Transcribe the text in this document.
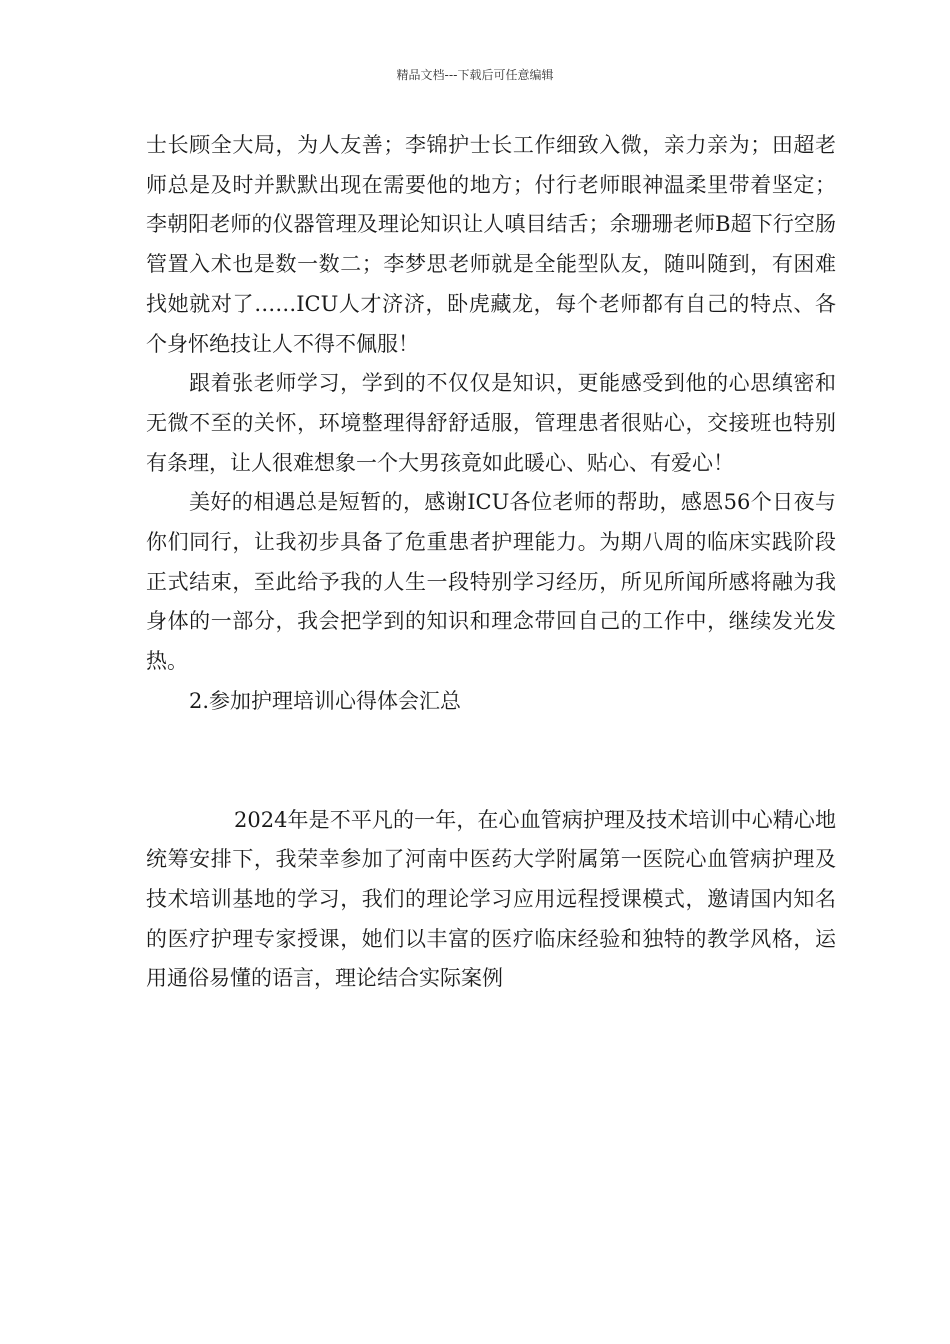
精品文档---下载后可任意编辑

士长顾全大局，为人友善；李锦护士长工作细致入微，亲力亲为；田超老师总是及时并默默出现在需要他的地方；付行老师眼神温柔里带着坚定；李朝阳老师的仪器管理及理论知识让人嗔目结舌；余珊珊老师B超下行空肠管置入术也是数一数二；李梦思老师就是全能型队友，随叫随到，有困难找她就对了……ICU人才济济，卧虎藏龙，每个老师都有自己的特点、各个身怀绝技让人不得不佩服！

跟着张老师学习，学到的不仅仅是知识，更能感受到他的心思缜密和无微不至的关怀，环境整理得舒舒适服，管理患者很贴心，交接班也特别有条理，让人很难想象一个大男孩竟如此暖心、贴心、有爱心！

美好的相遇总是短暂的，感谢ICU各位老师的帮助，感恩56个日夜与你们同行，让我初步具备了危重患者护理能力。为期八周的临床实践阶段正式结束，至此给予我的人生一段特别学习经历，所见所闻所感将融为我身体的一部分，我会把学到的知识和理念带回自己的工作中，继续发光发热。

2.参加护理培训心得体会汇总

2024年是不平凡的一年，在心血管病护理及技术培训中心精心地统筹安排下，我荣幸参加了河南中医药大学附属第一医院心血管病护理及技术培训基地的学习，我们的理论学习应用远程授课模式，邀请国内知名的医疗护理专家授课，她们以丰富的医疗临床经验和独特的教学风格，运用通俗易懂的语言，理论结合实际案例
